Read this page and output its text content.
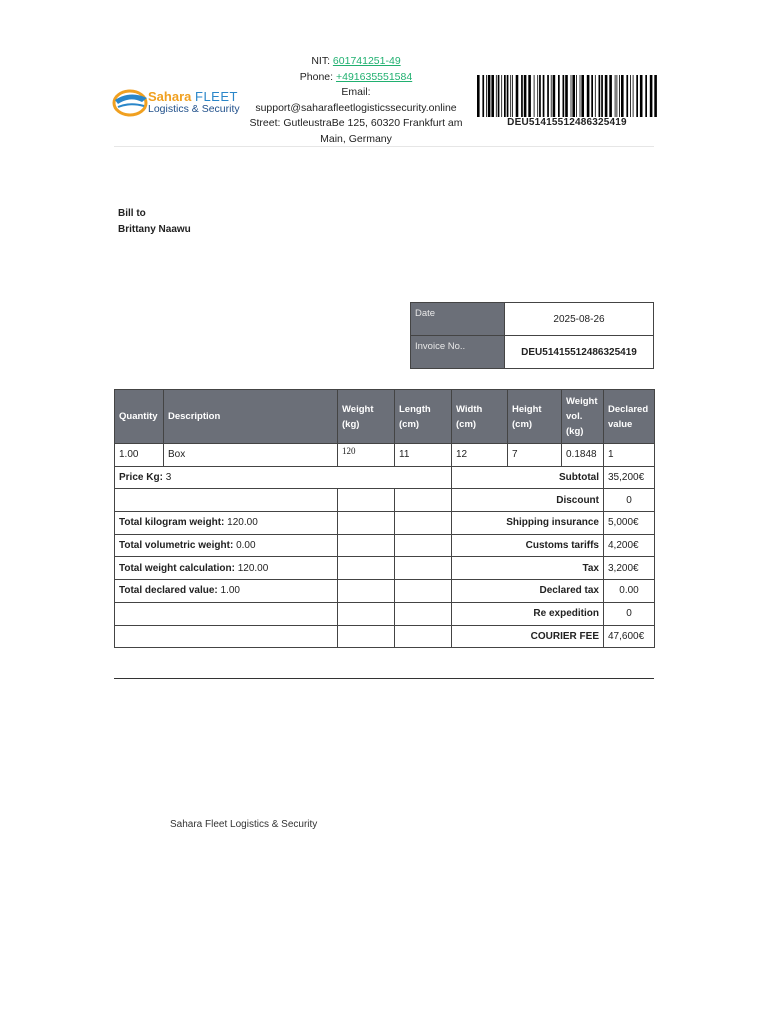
Sahara FLEET
Logistics & Security
NIT: 601741251-49
Phone: +491635551584
Email: support@saharafleetlogisticssecurity.online
Street: GutleustraBe 125, 60320 Frankfurt am Main, Germany
DEU51415512486325419
Bill to
Brittany Naawu
Date	2025-08-26
Invoice No..	DEU51415512486325419
Quantity	Description	Weight (kg)	Length (cm)	Width (cm)	Height (cm)	Weight vol. (kg)	Declared value
1.00	Box	120	11	12	7	0.1848	1
Price Kg: 3				Subtotal			35,200€
				Discount			0
Total kilogram weight: 120.00				Shipping insurance			5,000€
Total volumetric weight: 0.00				Customs tariffs			4,200€
Total weight calculation: 120.00				Tax			3,200€
Total declared value: 1.00				Declared tax			0.00
				Re expedition			0
				COURIER FEE			47,600€
Sahara Fleet Logistics & Security
